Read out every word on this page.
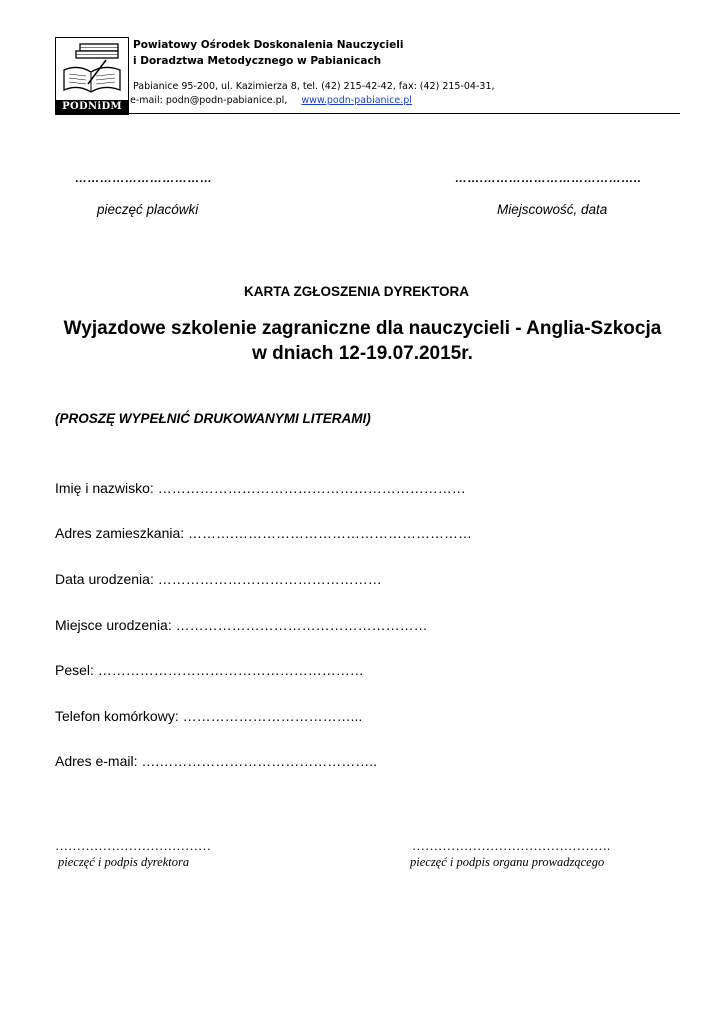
PODNiDM
Powiatowy Ośrodek Doskonalenia Nauczycieli
i Doradztwa Metodycznego w Pabianicach
Pabianice 95-200, ul. Kazimierza 8, tel. (42) 215-42-42, fax: (42) 215-04-31,
e-mail: podn@podn-pabianice.pl, www.podn-pabianice.pl
……………………………
pieczęć placówki
…….………………………………..
Miejscowość, data
KARTA ZGŁOSZENIA DYREKTORA
Wyjazdowe szkolenie zagraniczne dla nauczycieli - Anglia-Szkocja
w dniach 12-19.07.2015r.
(PROSZĘ WYPEŁNIĆ DRUKOWANYMI LITERAMI)
Imię i nazwisko: …………………………………………………………
Adres zamieszkania: ……….……………………………………………
Data urodzenia: …………………………………………
Miejsce urodzenia: ………………………………………………
Pesel: …………………………………………………
Telefon komórkowy: ………………………………...
Adres e-mail: ….………………………………………..
………………………………
pieczęć i podpis dyrektora
……………………………………….
pieczęć i podpis organu prowadzącego
